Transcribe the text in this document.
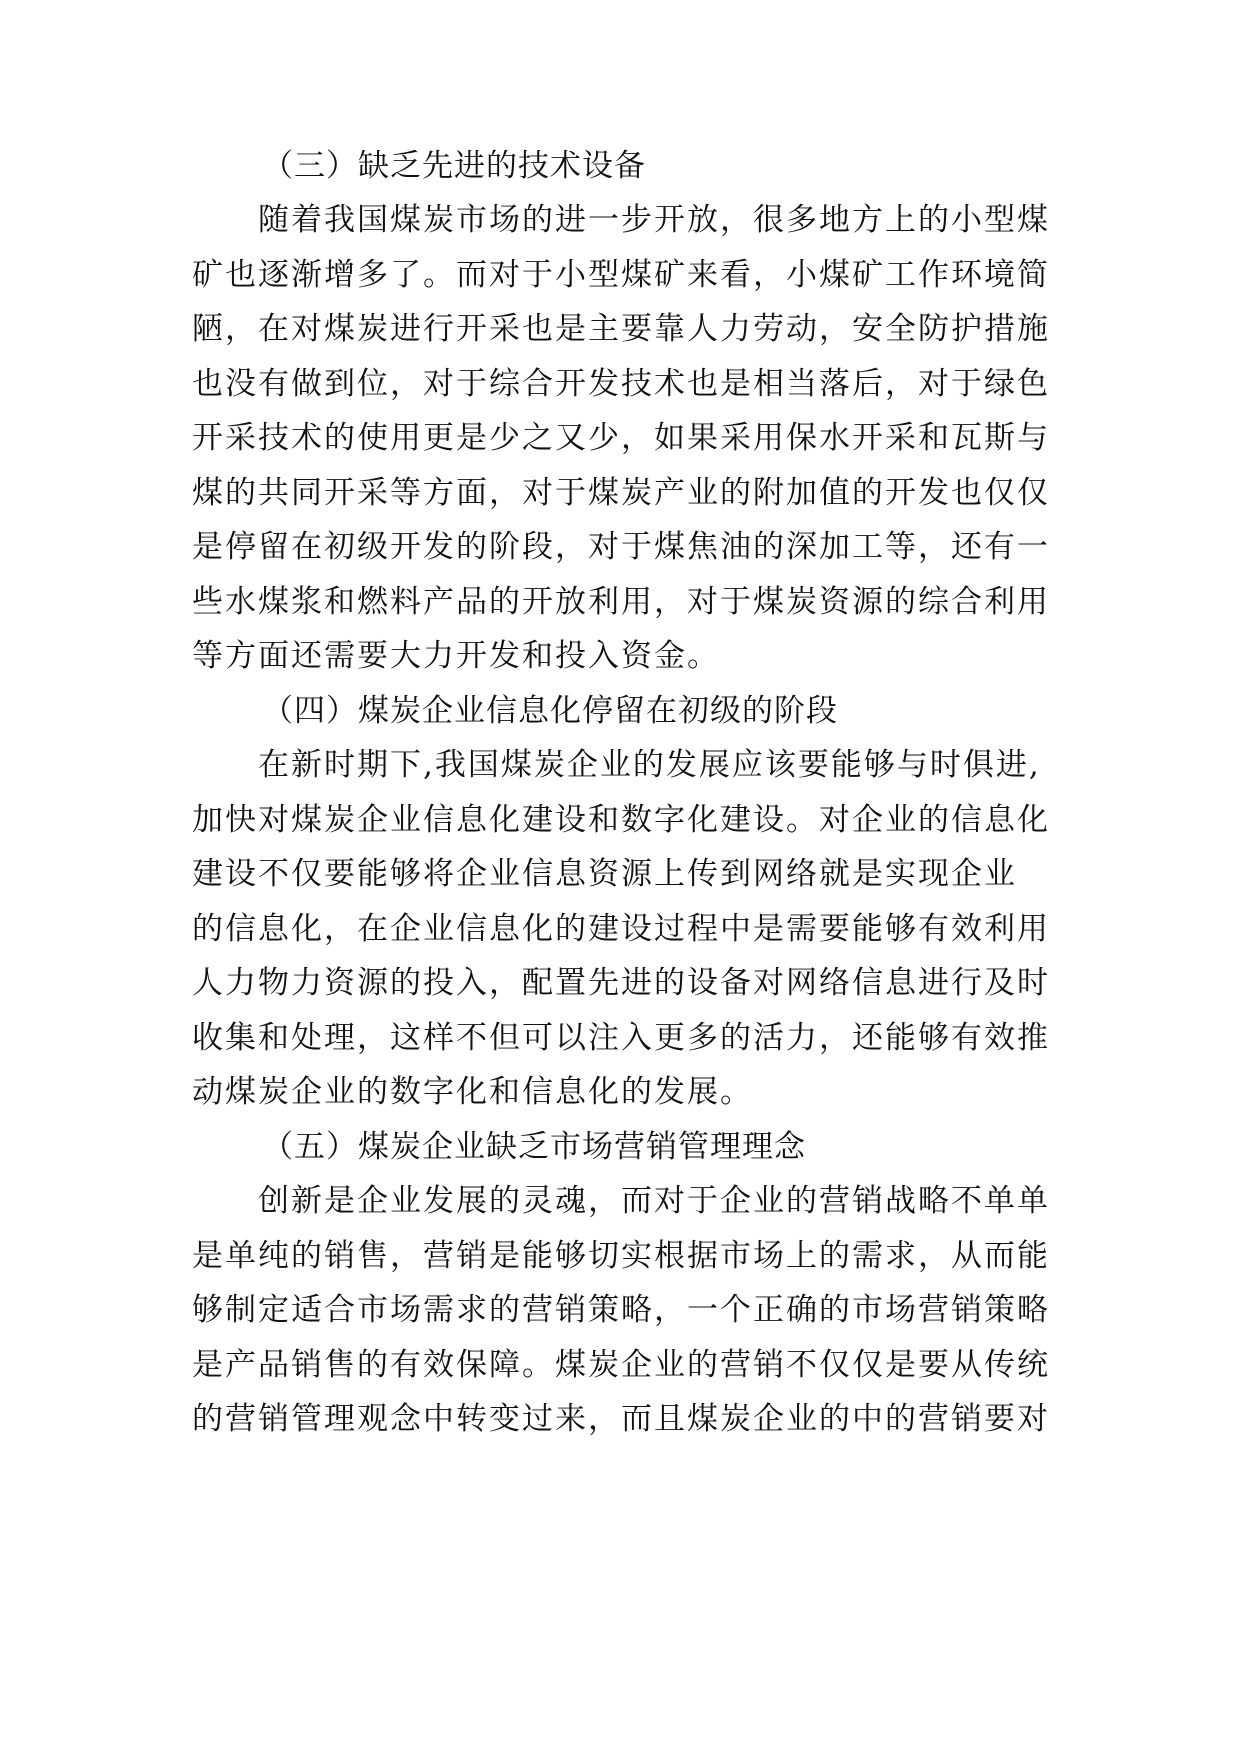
（三）缺乏先进的技术设备
随着我国煤炭市场的进一步开放，很多地方上的小型煤
矿也逐渐增多了。而对于小型煤矿来看，小煤矿工作环境简
陋，在对煤炭进行开采也是主要靠人力劳动，安全防护措施
也没有做到位，对于综合开发技术也是相当落后，对于绿色
开采技术的使用更是少之又少，如果采用保水开采和瓦斯与
煤的共同开采等方面，对于煤炭产业的附加值的开发也仅仅
是停留在初级开发的阶段，对于煤焦油的深加工等，还有一
些水煤浆和燃料产品的开放利用，对于煤炭资源的综合利用
等方面还需要大力开发和投入资金。
（四）煤炭企业信息化停留在初级的阶段
在新时期下,我国煤炭企业的发展应该要能够与时俱进,
加快对煤炭企业信息化建设和数字化建设。对企业的信息化
建设不仅要能够将企业信息资源上传到网络就是实现企业
的信息化，在企业信息化的建设过程中是需要能够有效利用
人力物力资源的投入，配置先进的设备对网络信息进行及时
收集和处理，这样不但可以注入更多的活力，还能够有效推
动煤炭企业的数字化和信息化的发展。
（五）煤炭企业缺乏市场营销管理理念
创新是企业发展的灵魂，而对于企业的营销战略不单单
是单纯的销售，营销是能够切实根据市场上的需求，从而能
够制定适合市场需求的营销策略，一个正确的市场营销策略
是产品销售的有效保障。煤炭企业的营销不仅仅是要从传统
的营销管理观念中转变过来，而且煤炭企业的中的营销要对
